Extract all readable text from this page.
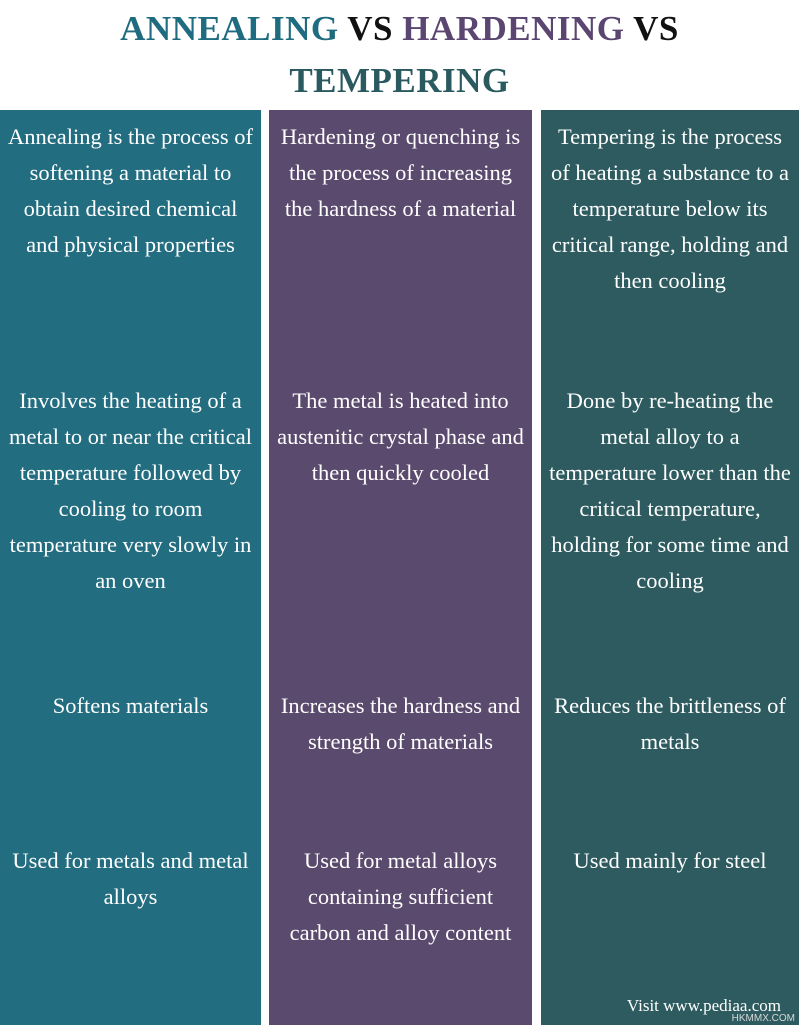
ANNEALING VS HARDENING VS
TEMPERING
Annealing is the process of softening a material to obtain desired chemical and physical properties
Involves the heating of a metal to or near the critical temperature followed by cooling to room temperature very slowly in an oven
Softens materials
Used for metals and metal alloys
Hardening or quenching is the process of increasing the hardness of a material
The metal is heated into austenitic crystal phase and then quickly cooled
Increases the hardness and strength of materials
Used for metal alloys containing sufficient carbon and alloy content
Tempering is the process of heating a substance to a temperature below its critical range, holding and then cooling
Done by re-heating the metal alloy to a temperature lower than the critical temperature, holding for some time and cooling
Reduces the brittleness of metals
Used mainly for steel
Visit www.pediaa.com
HKMMX.COM
